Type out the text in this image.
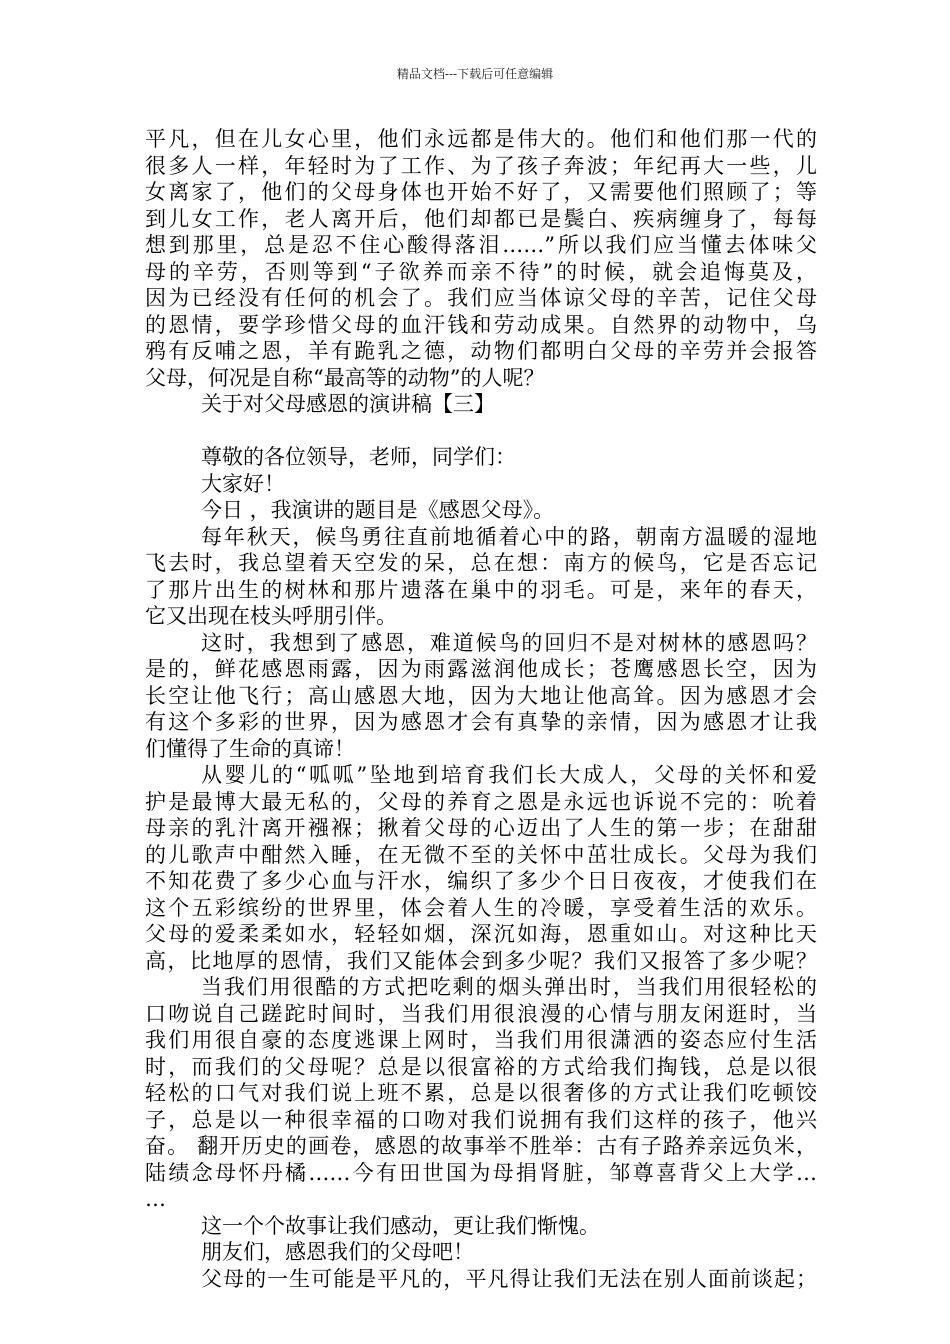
精品文档---下载后可任意编辑
平凡，但在儿女心里，他们永远都是伟大的。他们和他们那一代的
很多人一样，年轻时为了工作、为了孩子奔波；年纪再大一些，儿
女离家了，他们的父母身体也开始不好了，又需要他们照顾了；等
到儿女工作，老人离开后，他们却都已是鬓白、疾病缠身了，每每
想到那里，总是忍不住心酸得落泪……”所以我们应当懂去体味父
母的辛劳，否则等到“子欲养而亲不待”的时候，就会追悔莫及，
因为已经没有任何的机会了。我们应当体谅父母的辛苦，记住父母
的恩情，要学珍惜父母的血汗钱和劳动成果。自然界的动物中，乌
鸦有反哺之恩，羊有跪乳之德，动物们都明白父母的辛劳并会报答
父母，何况是自称“最高等的动物”的人呢？
关于对父母感恩的演讲稿【三】
尊敬的各位领导，老师，同学们：
大家好！
今日 ，我演讲的题目是《感恩父母》。
每年秋天，候鸟勇往直前地循着心中的路，朝南方温暖的湿地
飞去时，我总望着天空发的呆，总在想：南方的候鸟，它是否忘记
了那片出生的树林和那片遗落在巢中的羽毛。可是，来年的春天，
它又出现在枝头呼朋引伴。
这时，我想到了感恩，难道候鸟的回归不是对树林的感恩吗？
是的，鲜花感恩雨露，因为雨露滋润他成长；苍鹰感恩长空，因为
长空让他飞行；高山感恩大地，因为大地让他高耸。因为感恩才会
有这个多彩的世界，因为感恩才会有真挚的亲情，因为感恩才让我
们懂得了生命的真谛！
从婴儿的“呱呱”坠地到培育我们长大成人，父母的关怀和爱
护是最博大最无私的，父母的养育之恩是永远也诉说不完的：吮着
母亲的乳汁离开襁褓；揪着父母的心迈出了人生的第一步；在甜甜
的儿歌声中酣然入睡，在无微不至的关怀中茁壮成长。父母为我们
不知花费了多少心血与汗水，编织了多少个日日夜夜，才使我们在
这个五彩缤纷的世界里，体会着人生的冷暖，享受着生活的欢乐。
父母的爱柔柔如水，轻轻如烟，深沉如海，恩重如山。对这种比天
高，比地厚的恩情，我们又能体会到多少呢？我们又报答了多少呢？
当我们用很酷的方式把吃剩的烟头弹出时，当我们用很轻松的
口吻说自己蹉跎时间时，当我们用很浪漫的心情与朋友闲逛时，当
我们用很自豪的态度逃课上网时，当我们用很潇洒的姿态应付生活
时，而我们的父母呢？总是以很富裕的方式给我们掏钱，总是以很
轻松的口气对我们说上班不累，总是以很奢侈的方式让我们吃顿饺
子，总是以一种很幸福的口吻对我们说拥有我们这样的孩子，他兴
奋。 翻开历史的画卷，感恩的故事举不胜举：古有子路养亲远负米，
陆绩念母怀丹橘……今有田世国为母捐肾脏，邹尊喜背父上大学…
…
这一个个故事让我们感动，更让我们惭愧。
朋友们，感恩我们的父母吧！
父母的一生可能是平凡的，平凡得让我们无法在别人面前谈起；
